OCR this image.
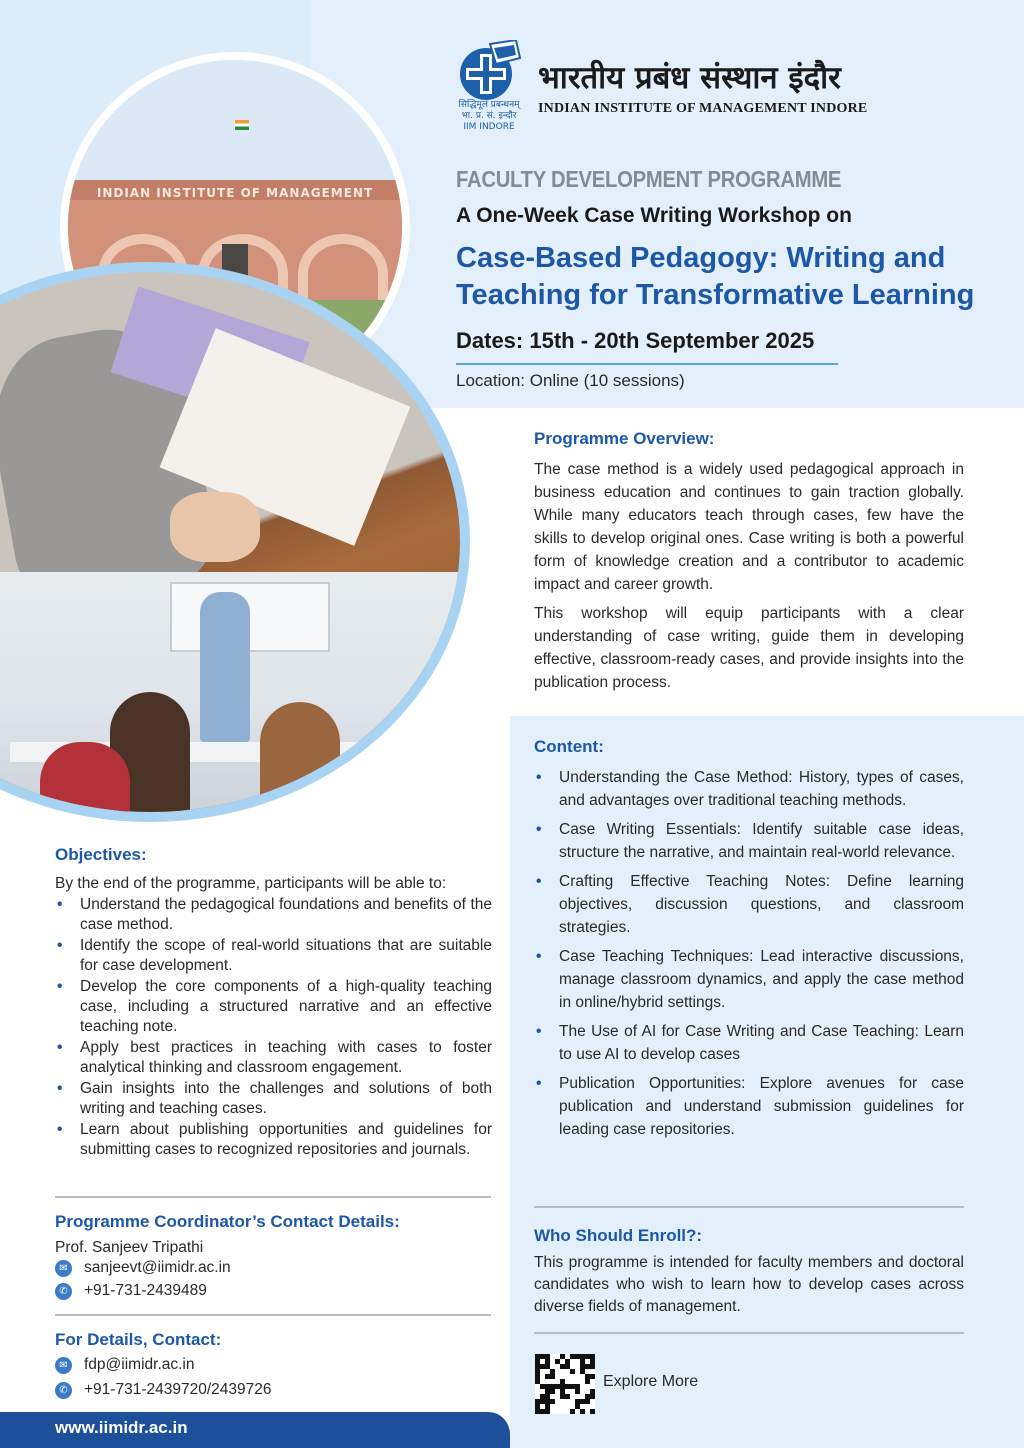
INDIAN INSTITUTE OF MANAGEMENT
सिद्धिमूलं प्रबन्धनम्
भा. प्र. सं. इन्दौर
IIM INDORE
भारतीय प्रबंध संस्थान इंदौर
INDIAN INSTITUTE OF MANAGEMENT INDORE
FACULTY DEVELOPMENT PROGRAMME
A One-Week Case Writing Workshop on
Case-Based Pedagogy: Writing and Teaching for Transformative Learning
Dates: 15th - 20th September 2025
Location: Online (10 sessions)
Programme Overview:
The case method is a widely used pedagogical approach in business education and continues to gain traction globally. While many educators teach through cases, few have the skills to develop original ones. Case writing is both a powerful form of knowledge creation and a contributor to academic impact and career growth.
This workshop will equip participants with a clear understanding of case writing, guide them in developing effective, classroom-ready cases, and provide insights into the publication process.
Content:
• Understanding the Case Method: History, types of cases, and advantages over traditional teaching methods.
• Case Writing Essentials: Identify suitable case ideas, structure the narrative, and maintain real-world relevance.
• Crafting Effective Teaching Notes: Define learning objectives, discussion questions, and classroom strategies.
• Case Teaching Techniques: Lead interactive discussions, manage classroom dynamics, and apply the case method in online/hybrid settings.
• The Use of AI for Case Writing and Case Teaching: Learn to use AI to develop cases
• Publication Opportunities: Explore avenues for case publication and understand submission guidelines for leading case repositories.
Objectives:
By the end of the programme, participants will be able to:
• Understand the pedagogical foundations and benefits of the case method.
• Identify the scope of real-world situations that are suitable for case development.
• Develop the core components of a high-quality teaching case, including a structured narrative and an effective teaching note.
• Apply best practices in teaching with cases to foster analytical thinking and classroom engagement.
• Gain insights into the challenges and solutions of both writing and teaching cases.
• Learn about publishing opportunities and guidelines for submitting cases to recognized repositories and journals.
Who Should Enroll?:
This programme is intended for faculty members and doctoral candidates who wish to learn how to develop cases across diverse fields of management.
Programme Coordinator’s Contact Details:
Prof. Sanjeev Tripathi
✉ sanjeevt@iimidr.ac.in
✆ +91-731-2439489
For Details, Contact:
✉ fdp@iimidr.ac.in
✆ +91-731-2439720/2439726
www.iimidr.ac.in
Explore More
